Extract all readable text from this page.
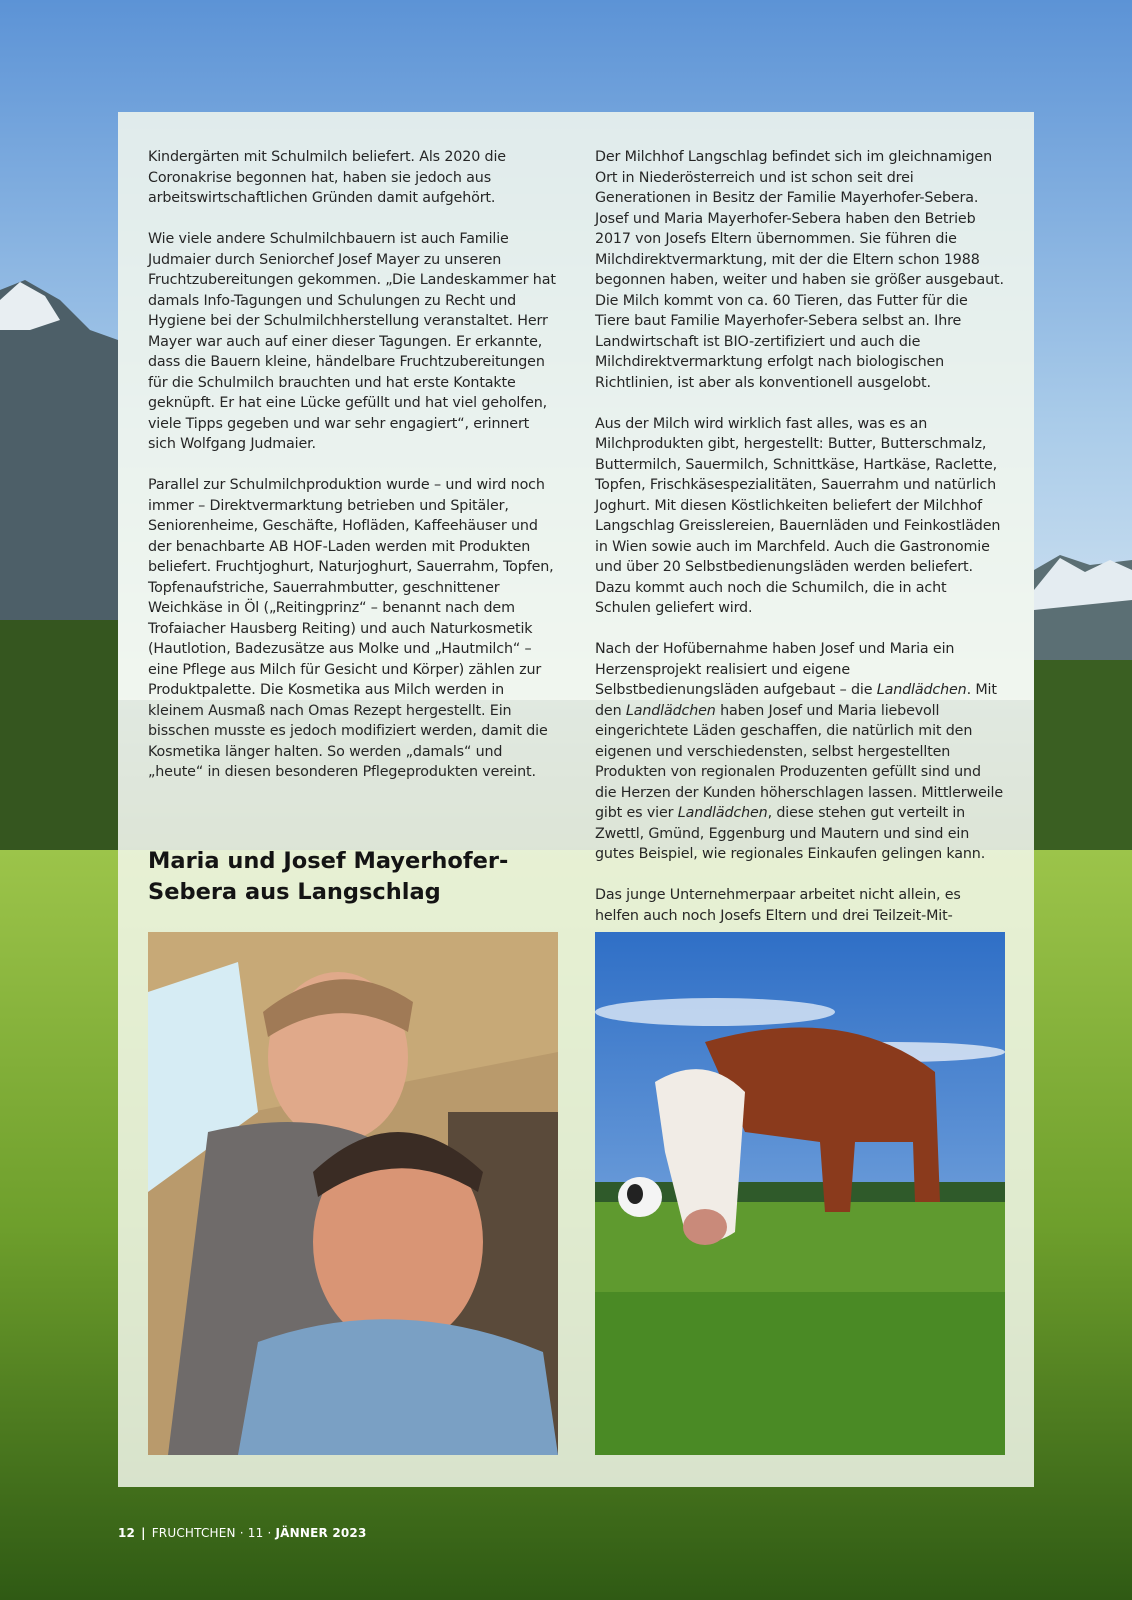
Kindergärten mit Schulmilch beliefert. Als 2020 die Coronakrise begonnen hat, haben sie jedoch aus arbeitswirtschaftlichen Gründen damit aufgehört.

Wie viele andere Schulmilchbauern ist auch Familie Judmaier durch Seniorchef Josef Mayer zu unseren Fruchtzubereitungen gekommen. „Die Landeskammer hat damals Info-Tagungen und Schulungen zu Recht und Hygiene bei der Schulmilchherstellung veranstaltet. Herr Mayer war auch auf einer dieser Tagungen. Er erkannte, dass die Bauern kleine, händelbare Fruchtzubereitungen für die Schulmilch brauchten und hat erste Kontakte geknüpft. Er hat eine Lücke gefüllt und hat viel geholfen, viele Tipps gegeben und war sehr engagiert“, erinnert sich Wolfgang Judmaier.

Parallel zur Schulmilchproduktion wurde – und wird noch immer – Direktvermarktung betrieben und Spitäler, Seniorenheime, Geschäfte, Hofläden, Kaffeehäuser und der benachbarte AB HOF-Laden werden mit Produkten beliefert. Fruchtjoghurt, Naturjoghurt, Sauerrahm, Topfen, Topfenaufstriche, Sauerrahmbutter, geschnittener Weichkäse in Öl („Reitingprinz“ – benannt nach dem Trofaiacher Hausberg Reiting) und auch Naturkosmetik (Hautlotion, Badezusätze aus Molke und „Hautmilch“ – eine Pflege aus Milch für Gesicht und Körper) zählen zur Produktpalette. Die Kosmetika aus Milch werden in kleinem Ausmaß nach Omas Rezept hergestellt. Ein bisschen musste es jedoch modifiziert werden, damit die Kosmetika länger halten. So werden „damals“ und „heute“ in diesen besonderen Pflegeprodukten vereint.

Maria und Josef Mayerhofer-Sebera aus Langschlag

Der Milchhof Langschlag befindet sich im gleichnamigen Ort in Niederösterreich und ist schon seit drei Generationen in Besitz der Familie Mayerhofer-Sebera. Josef und Maria Mayerhofer-Sebera haben den Betrieb 2017 von Josefs Eltern übernommen. Sie führen die Milchdirektvermarktung, mit der die Eltern schon 1988 begonnen haben, weiter und haben sie größer ausgebaut. Die Milch kommt von ca. 60 Tieren, das Futter für die Tiere baut Familie Mayerhofer-Sebera selbst an. Ihre Landwirtschaft ist BIO-zertifiziert und auch die Milchdirektvermarktung erfolgt nach biologischen Richtlinien, ist aber als konventionell ausgelobt.

Aus der Milch wird wirklich fast alles, was es an Milchprodukten gibt, hergestellt: Butter, Butterschmalz, Buttermilch, Sauermilch, Schnittkäse, Hartkäse, Raclette, Topfen, Frischkäsespezialitäten, Sauerrahm und natürlich Joghurt. Mit diesen Köstlichkeiten beliefert der Milchhof Langschlag Greisslereien, Bauernläden und Feinkostläden in Wien sowie auch im Marchfeld. Auch die Gastronomie und über 20 Selbstbedienungsläden werden beliefert. Dazu kommt auch noch die Schumilch, die in acht Schulen geliefert wird.

Nach der Hofübernahme haben Josef und Maria ein Herzensprojekt realisiert und eigene Selbstbedienungsläden aufgebaut – die Landlädchen. Mit den Landlädchen haben Josef und Maria liebevoll eingerichtete Läden geschaffen, die natürlich mit den eigenen und verschiedensten, selbst hergestellten Produkten von regionalen Produzenten gefüllt sind und die Herzen der Kunden höherschlagen lassen. Mittlerweile gibt es vier Landlädchen, diese stehen gut verteilt in Zwettl, Gmünd, Eggenburg und Mautern und sind ein gutes Beispiel, wie regionales Einkaufen gelingen kann.

Das junge Unternehmerpaar arbeitet nicht allein, es helfen auch noch Josefs Eltern und drei Teilzeit-Mit-

12 | FRUCHTCHEN · 11 · JÄNNER 2023
